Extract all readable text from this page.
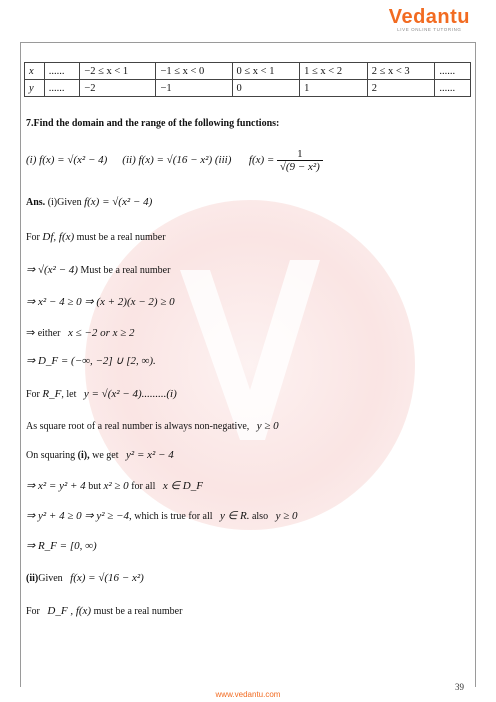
Vedantu
LIVE ONLINE TUTORING
x	......	−2 ≤ x < 1	−1 ≤ x < 0	0 ≤ x < 1	1 ≤ x < 2	2 ≤ x < 3	......
y	......	−2	−1	0	1	2	......
7.Find the domain and the range of the following functions:
(i) f(x) = √(x² − 4) (ii) f(x) = √(16 − x²) (iii) $f(x) = \frac{1}{\text{√(9 − x²)}}$
Ans. (i)Given f(x) = √(x² − 4)
For Df, f(x) must be a real number
⇒ √(x² − 4) Must be a real number
⇒ x² − 4 ≥ 0 ⇒ (x + 2)(x − 2) ≥ 0
⇒ either x ≤ −2 or x ≥ 2
⇒ D_F = (−∞, −2] ∪ [2, ∞).
For R_F, let y = √(x² − 4).........(i)
As square root of a real number is always non-negative, y ≥ 0
On squaring (i), we get y² = x² − 4
⇒ x² = y² + 4 but x² ≥ 0 for all x ∈ D_F
⇒ y² + 4 ≥ 0 ⇒ y² ≥ −4, which is true for all y ∈ R. also y ≥ 0
⇒ R_F = [0, ∞)
(ii)Given f(x) = √(16 − x²)
For D_F , f(x) must be a real number
39
www.vedantu.com
